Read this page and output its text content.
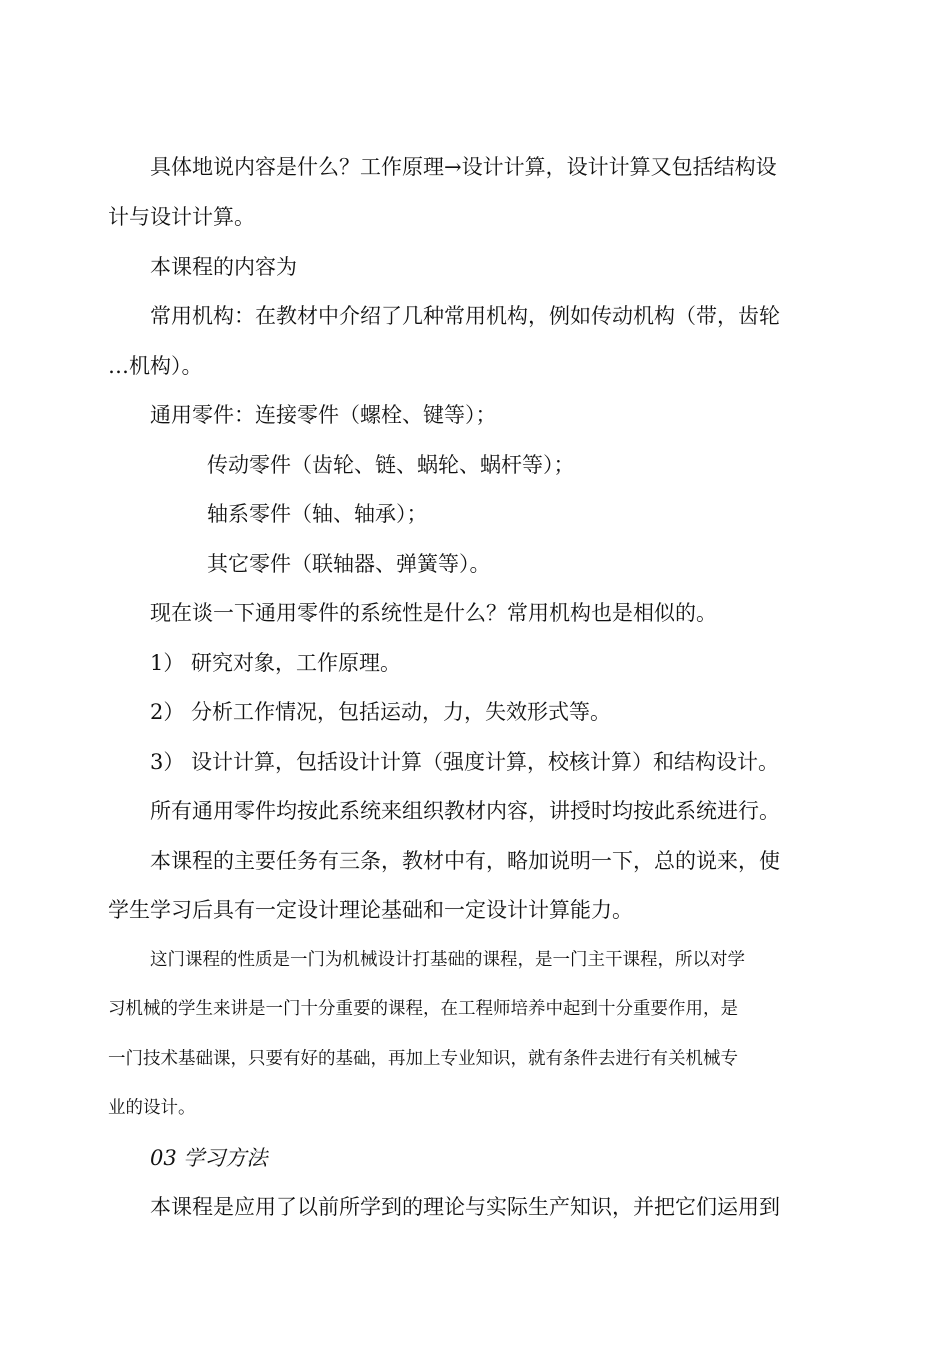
具体地说内容是什么？工作原理→设计计算，设计计算又包括结构设
计与设计计算。
本课程的内容为
常用机构：在教材中介绍了几种常用机构，例如传动机构（带，齿轮
…机构）。
通用零件：连接零件（螺栓、键等）；
传动零件（齿轮、链、蜗轮、蜗杆等）；
轴系零件（轴、轴承）；
其它零件（联轴器、弹簧等）。
现在谈一下通用零件的系统性是什么？常用机构也是相似的。
1） 研究对象，工作原理。
2） 分析工作情况，包括运动，力，失效形式等。
3） 设计计算，包括设计计算（强度计算，校核计算）和结构设计。
所有通用零件均按此系统来组织教材内容，讲授时均按此系统进行。
本课程的主要任务有三条，教材中有，略加说明一下，总的说来，使
学生学习后具有一定设计理论基础和一定设计计算能力。
这门课程的性质是一门为机械设计打基础的课程，是一门主干课程，所以对学
习机械的学生来讲是一门十分重要的课程，在工程师培养中起到十分重要作用，是
一门技术基础课，只要有好的基础，再加上专业知识，就有条件去进行有关机械专
业的设计。
03 学习方法
本课程是应用了以前所学到的理论与实际生产知识，并把它们运用到
